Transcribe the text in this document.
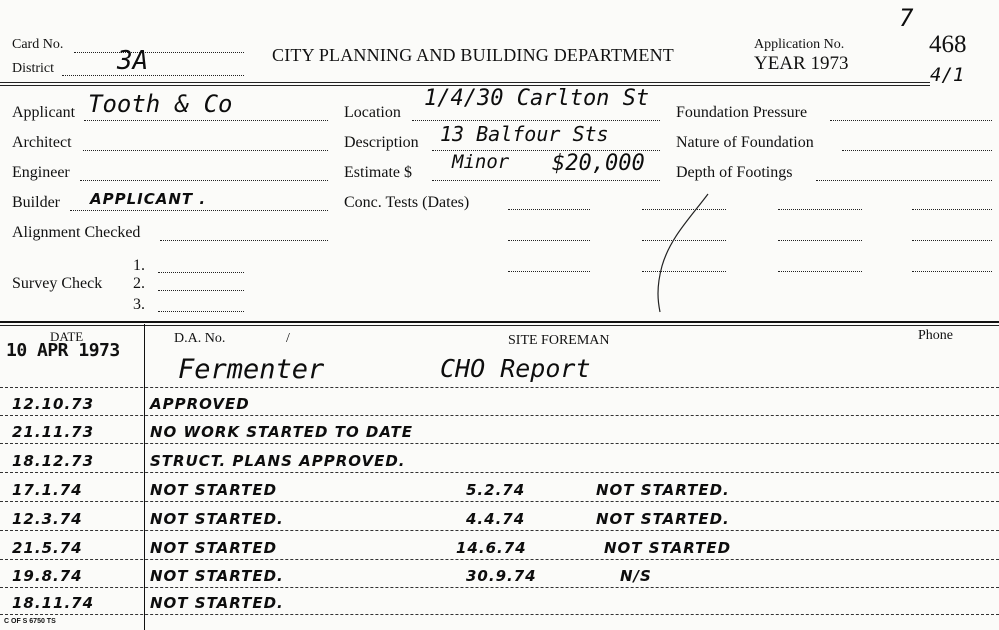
Card No.
District 3A	CITY PLANNING AND BUILDING DEPARTMENT
Application No.
YEAR 1973
7
468
4/1
Applicant Tooth & Co
Architect
Engineer
Builder APPLICANT .
Alignment Checked
Survey Check
1.
2.
3.
Location
1/4/30 Carlton St
Description 13 Balfour Sts
Estimate $ Minor $20,000
Conc. Tests (Dates)
Foundation Pressure
Nature of Foundation
Depth of Footings
DATE
10 APR 1973
D.A. No.	/	SITE FOREMAN	Phone
Fermenter	CHO Report
12.10.73	APPROVED
21.11.73	NO WORK STARTED TO DATE
18.12.73	STRUCT. PLANS APPROVED.
17.1.74	NOT STARTED	5.2.74	NOT STARTED.
12.3.74	NOT STARTED.	4.4.74	NOT STARTED.
21.5.74	NOT STARTED	14.6.74	NOT STARTED
19.8.74	NOT STARTED.	30.9.74	N/S
18.11.74	NOT STARTED.
C OF S 6750 TS
